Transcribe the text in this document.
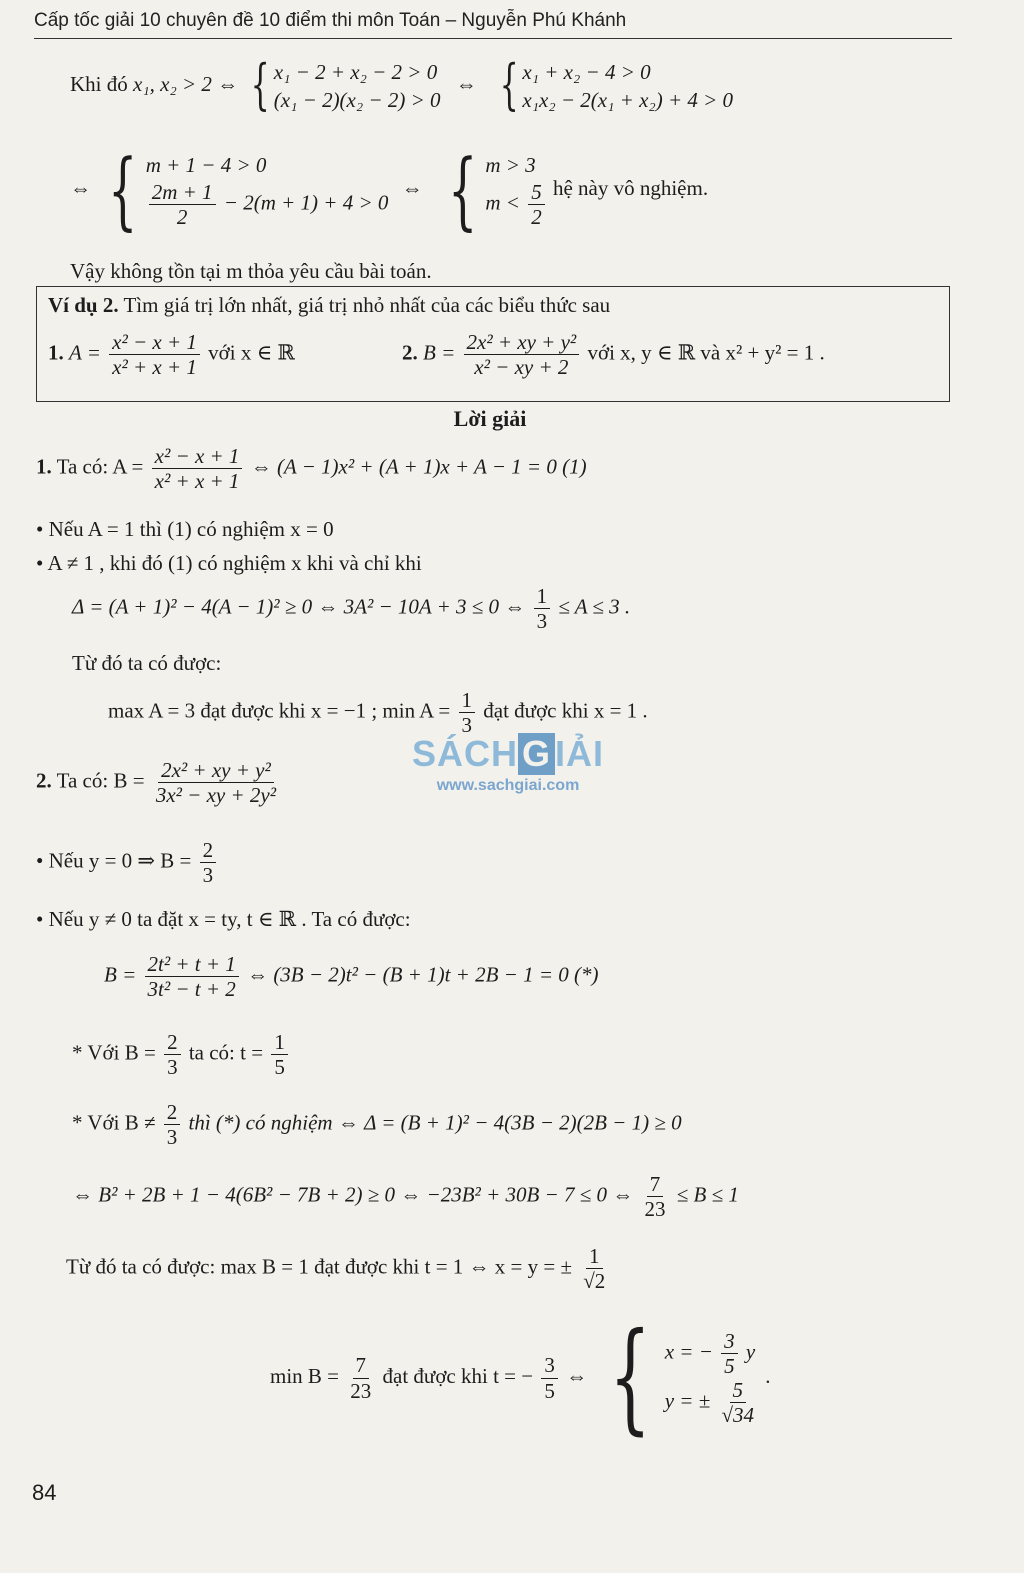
Cấp tốc giải 10 chuyên đề 10 điểm thi môn Toán – Nguyễn Phú Khánh
Khi đó x₁, x₂ > 2 ⇔ { x₁ − 2 + x₂ − 2 > 0
(x₁ − 2)(x₂ − 2) > 0
⇔ { x₁ + x₂ − 4 > 0
x₁x₂ − 2(x₁ + x₂) + 4 > 0
⇔ { m + 1 − 4 > 0
$\frac{2m + 1}{2} - 2(m + 1) + 4 > 0$
⇔ { m > 3
$m < \frac{5}{2}$ hệ này vô nghiệm.
Vậy không tồn tại m thỏa yêu cầu bài toán.
Ví dụ 2. Tìm giá trị lớn nhất, giá trị nhỏ nhất của các biểu thức sau
1. $A = \frac{\text{x² − x + 1}}{\text{x² + x + 1}}$ với x ∈ ℝ	2. $B = \frac{\text{2x² + xy + y²}}{\text{x² − xy + 2}}$ với x, y ∈ ℝ và x² + y² = 1 .
Lời giải
1. Ta có: $A = \frac{\text{x² − x + 1}}{\text{x² + x + 1}}$ ⇔ (A − 1)x² + (A + 1)x + A − 1 = 0 (1)
• Nếu A = 1 thì (1) có nghiệm x = 0
• A ≠ 1 , khi đó (1) có nghiệm x khi và chỉ khi
Δ = (A + 1)² − 4(A − 1)² ≥ 0 ⇔ 3A² − 10A + 3 ≤ 0 ⇔ $\frac{1}{3} \le A \le 3$ .
Từ đó ta có được:
max A = 3 đạt được khi x = −1 ; $\min A = \frac{1}{3}$ đạt được khi x = 1 .
SÁCH G IẢI
www.sachgiai.com
2. Ta có: $B = \frac{\text{2x² + xy + y²}}{\text{3x² − xy + 2y²}}$
• Nếu y = 0 ⇒ $B = \frac{2}{3}$
• Nếu y ≠ 0 ta đặt x = ty, t ∈ ℝ . Ta có được:
$B = \frac{\text{2t² + t + 1}}{\text{3t² − t + 2}}$ ⇔ (3B − 2)t² − (B + 1)t + 2B − 1 = 0 (*)
* Với $B = \frac{2}{3}$ ta có: $t = \frac{1}{5}$
* Với $B \ne \frac{2}{3}$ thì (*) có nghiệm ⇔ Δ = (B + 1)² − 4(3B − 2)(2B − 1) ≥ 0
⇔ B² + 2B + 1 − 4(6B² − 7B + 2) ≥ 0 ⇔ −23B² + 30B − 7 ≤ 0 ⇔ $\frac{7}{23} \le B \le 1$
Từ đó ta có được: max B = 1 đạt được khi t = 1 ⇔ x = y = ± $\frac{1}{√2}$
$\min B = \frac{7}{23}$ đạt được khi t = − $\frac{3}{5}$ ⇔ { x = − $\frac{3}{5}$ y
y = ± $\frac{5}{√34}$
.
84
